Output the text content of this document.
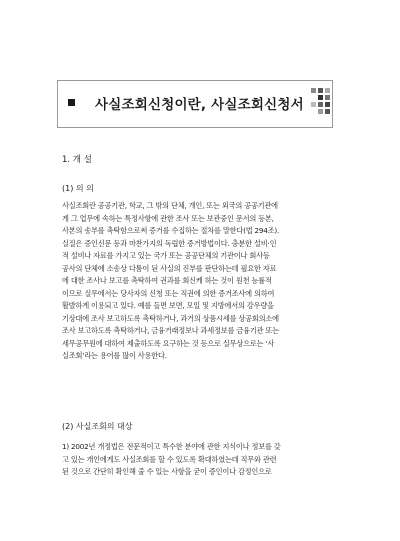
사실조회신청이란, 사실조회신청서
1. 개 설
(1) 의 의
사실조회란 공공기관, 학교, 그 밖의 단체, 개인, 또는 외국의 공공기관에
게 그 업무에 속하는 특정사항에 관한 조사 또는 보관중인 문서의 등본,
사본의 송부를 촉탁함으로써 증거를 수집하는 절차를 말한다(법 294조).
실질은 증인신문 등과 마찬가지의 독립한 증거방법이다. 충분한 설비·인
적 설비나 자료를 가지고 있는 국가 또는 공공단체의 기관이나 회사등
공사의 단체에 소송상 다툼이 된 사실의 진부를 판단하는데 필요한 자료
에 대한 조사나 보고를 촉탁하여 권과를 회신케 하는 것이 원천 능률적
이므로 실무에서는 당사자의 신청 또는 직권에 의한 증거조사에 의하여
활발하게 이용되고 있다. 예를 들면 보면, 모일 및 지방에서의 강우량을
기상대에 조사 보고하도록 촉탁하거나, 과거의 상품시세를 상공회의소에
조사 보고하도록 촉탁하거나, 금융거래정보나 과세정보를 금융기관 또는
세무공무원에 대하여 제출하도록 요구하는 것 등으로 실무상으로는 ‘사
실조회’라는 용어를 많이 사용한다.
(2) 사실조회의 대상
1) 2002년 개정법은 전문적이고 특수한 분야에 관한 지식이나 정보를 갖
고 있는 개인에게도 사실조회를 할 수 있도록 확대하였는데 직무와 관련
된 것으로 간단히 확인해 줄 수 있는 사항을 굳이 증인이나 감정인으로
